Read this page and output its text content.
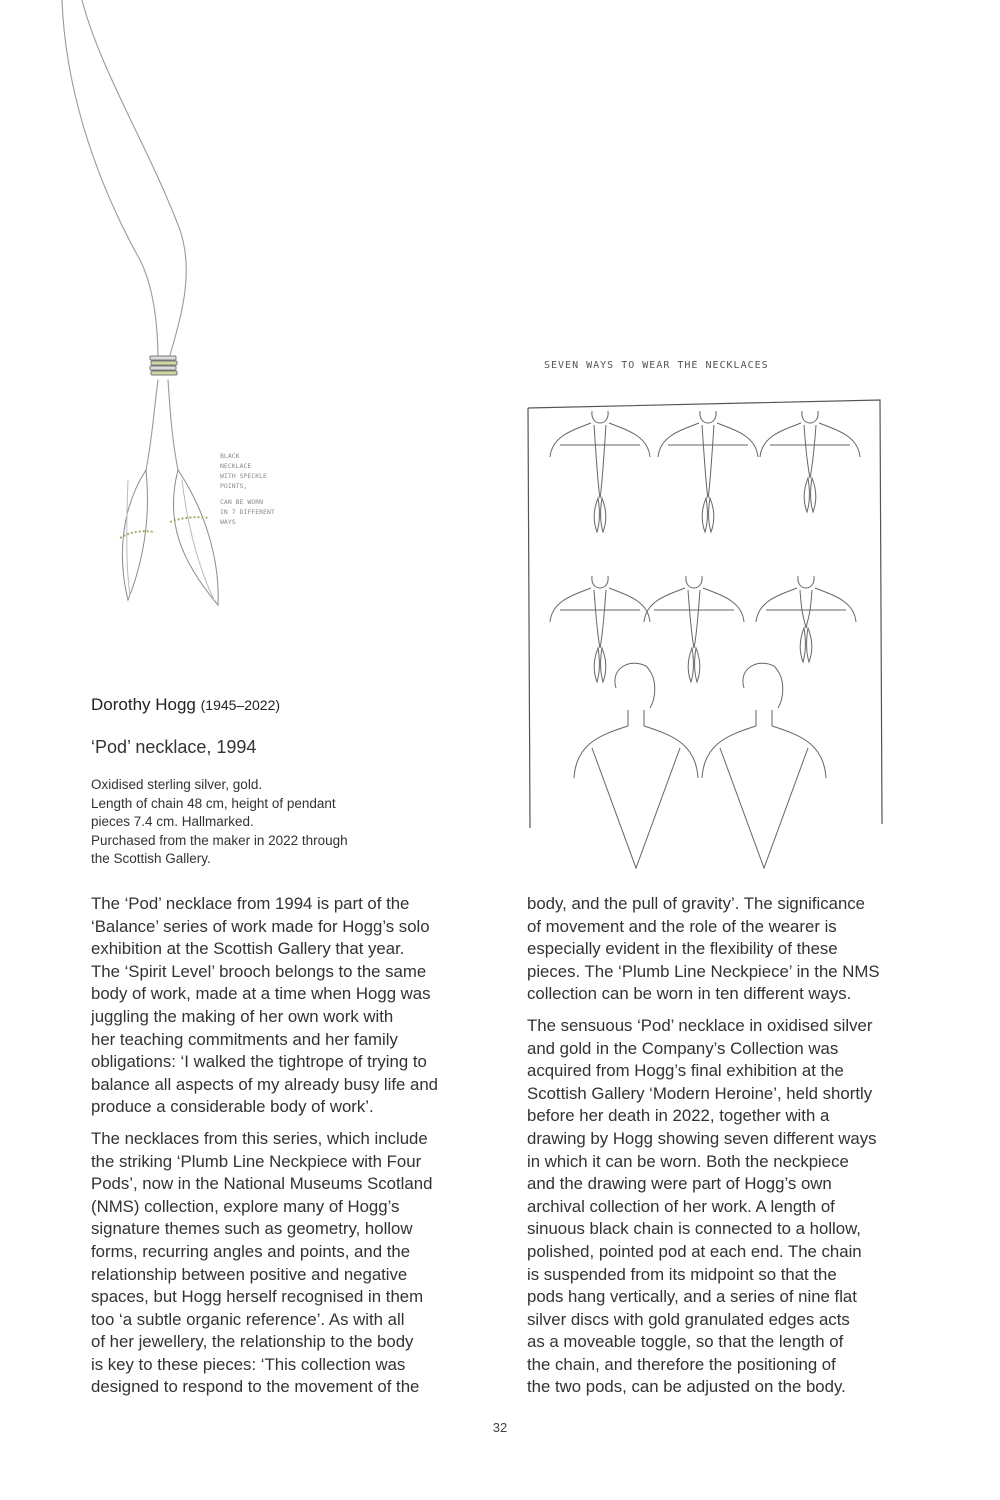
BLACK
NECKLACE
WITH SPECKLE
POINTS,
CAN BE WORN
IN 7 DIFFERENT
WAYS
SEVEN WAYS TO WEAR THE NECKLACES
Dorothy Hogg (1945–2022)
‘Pod’ necklace, 1994
Oxidised sterling silver, gold.
Length of chain 48 cm, height of pendant
pieces 7.4 cm. Hallmarked.
Purchased from the maker in 2022 through
the Scottish Gallery.

The ‘Pod’ necklace from 1994 is part of the
‘Balance’ series of work made for Hogg’s solo
exhibition at the Scottish Gallery that year.
The ‘Spirit Level’ brooch belongs to the same
body of work, made at a time when Hogg was
juggling the making of her own work with
her teaching commitments and her family
obligations: ‘I walked the tightrope of trying to
balance all aspects of my already busy life and
produce a considerable body of work’.

The necklaces from this series, which include
the striking ‘Plumb Line Neckpiece with Four
Pods’, now in the National Museums Scotland
(NMS) collection, explore many of Hogg’s
signature themes such as geometry, hollow
forms, recurring angles and points, and the
relationship between positive and negative
spaces, but Hogg herself recognised in them
too ‘a subtle organic reference’. As with all
of her jewellery, the relationship to the body
is key to these pieces: ‘This collection was
designed to respond to the movement of the

body, and the pull of gravity’. The significance
of movement and the role of the wearer is
especially evident in the flexibility of these
pieces. The ‘Plumb Line Neckpiece’ in the NMS
collection can be worn in ten different ways.

The sensuous ‘Pod’ necklace in oxidised silver
and gold in the Company’s Collection was
acquired from Hogg’s final exhibition at the
Scottish Gallery ‘Modern Heroine’, held shortly
before her death in 2022, together with a
drawing by Hogg showing seven different ways
in which it can be worn. Both the neckpiece
and the drawing were part of Hogg’s own
archival collection of her work. A length of
sinuous black chain is connected to a hollow,
polished, pointed pod at each end. The chain
is suspended from its midpoint so that the
pods hang vertically, and a series of nine flat
silver discs with gold granulated edges acts
as a moveable toggle, so that the length of
the chain, and therefore the positioning of
the two pods, can be adjusted on the body.

32
